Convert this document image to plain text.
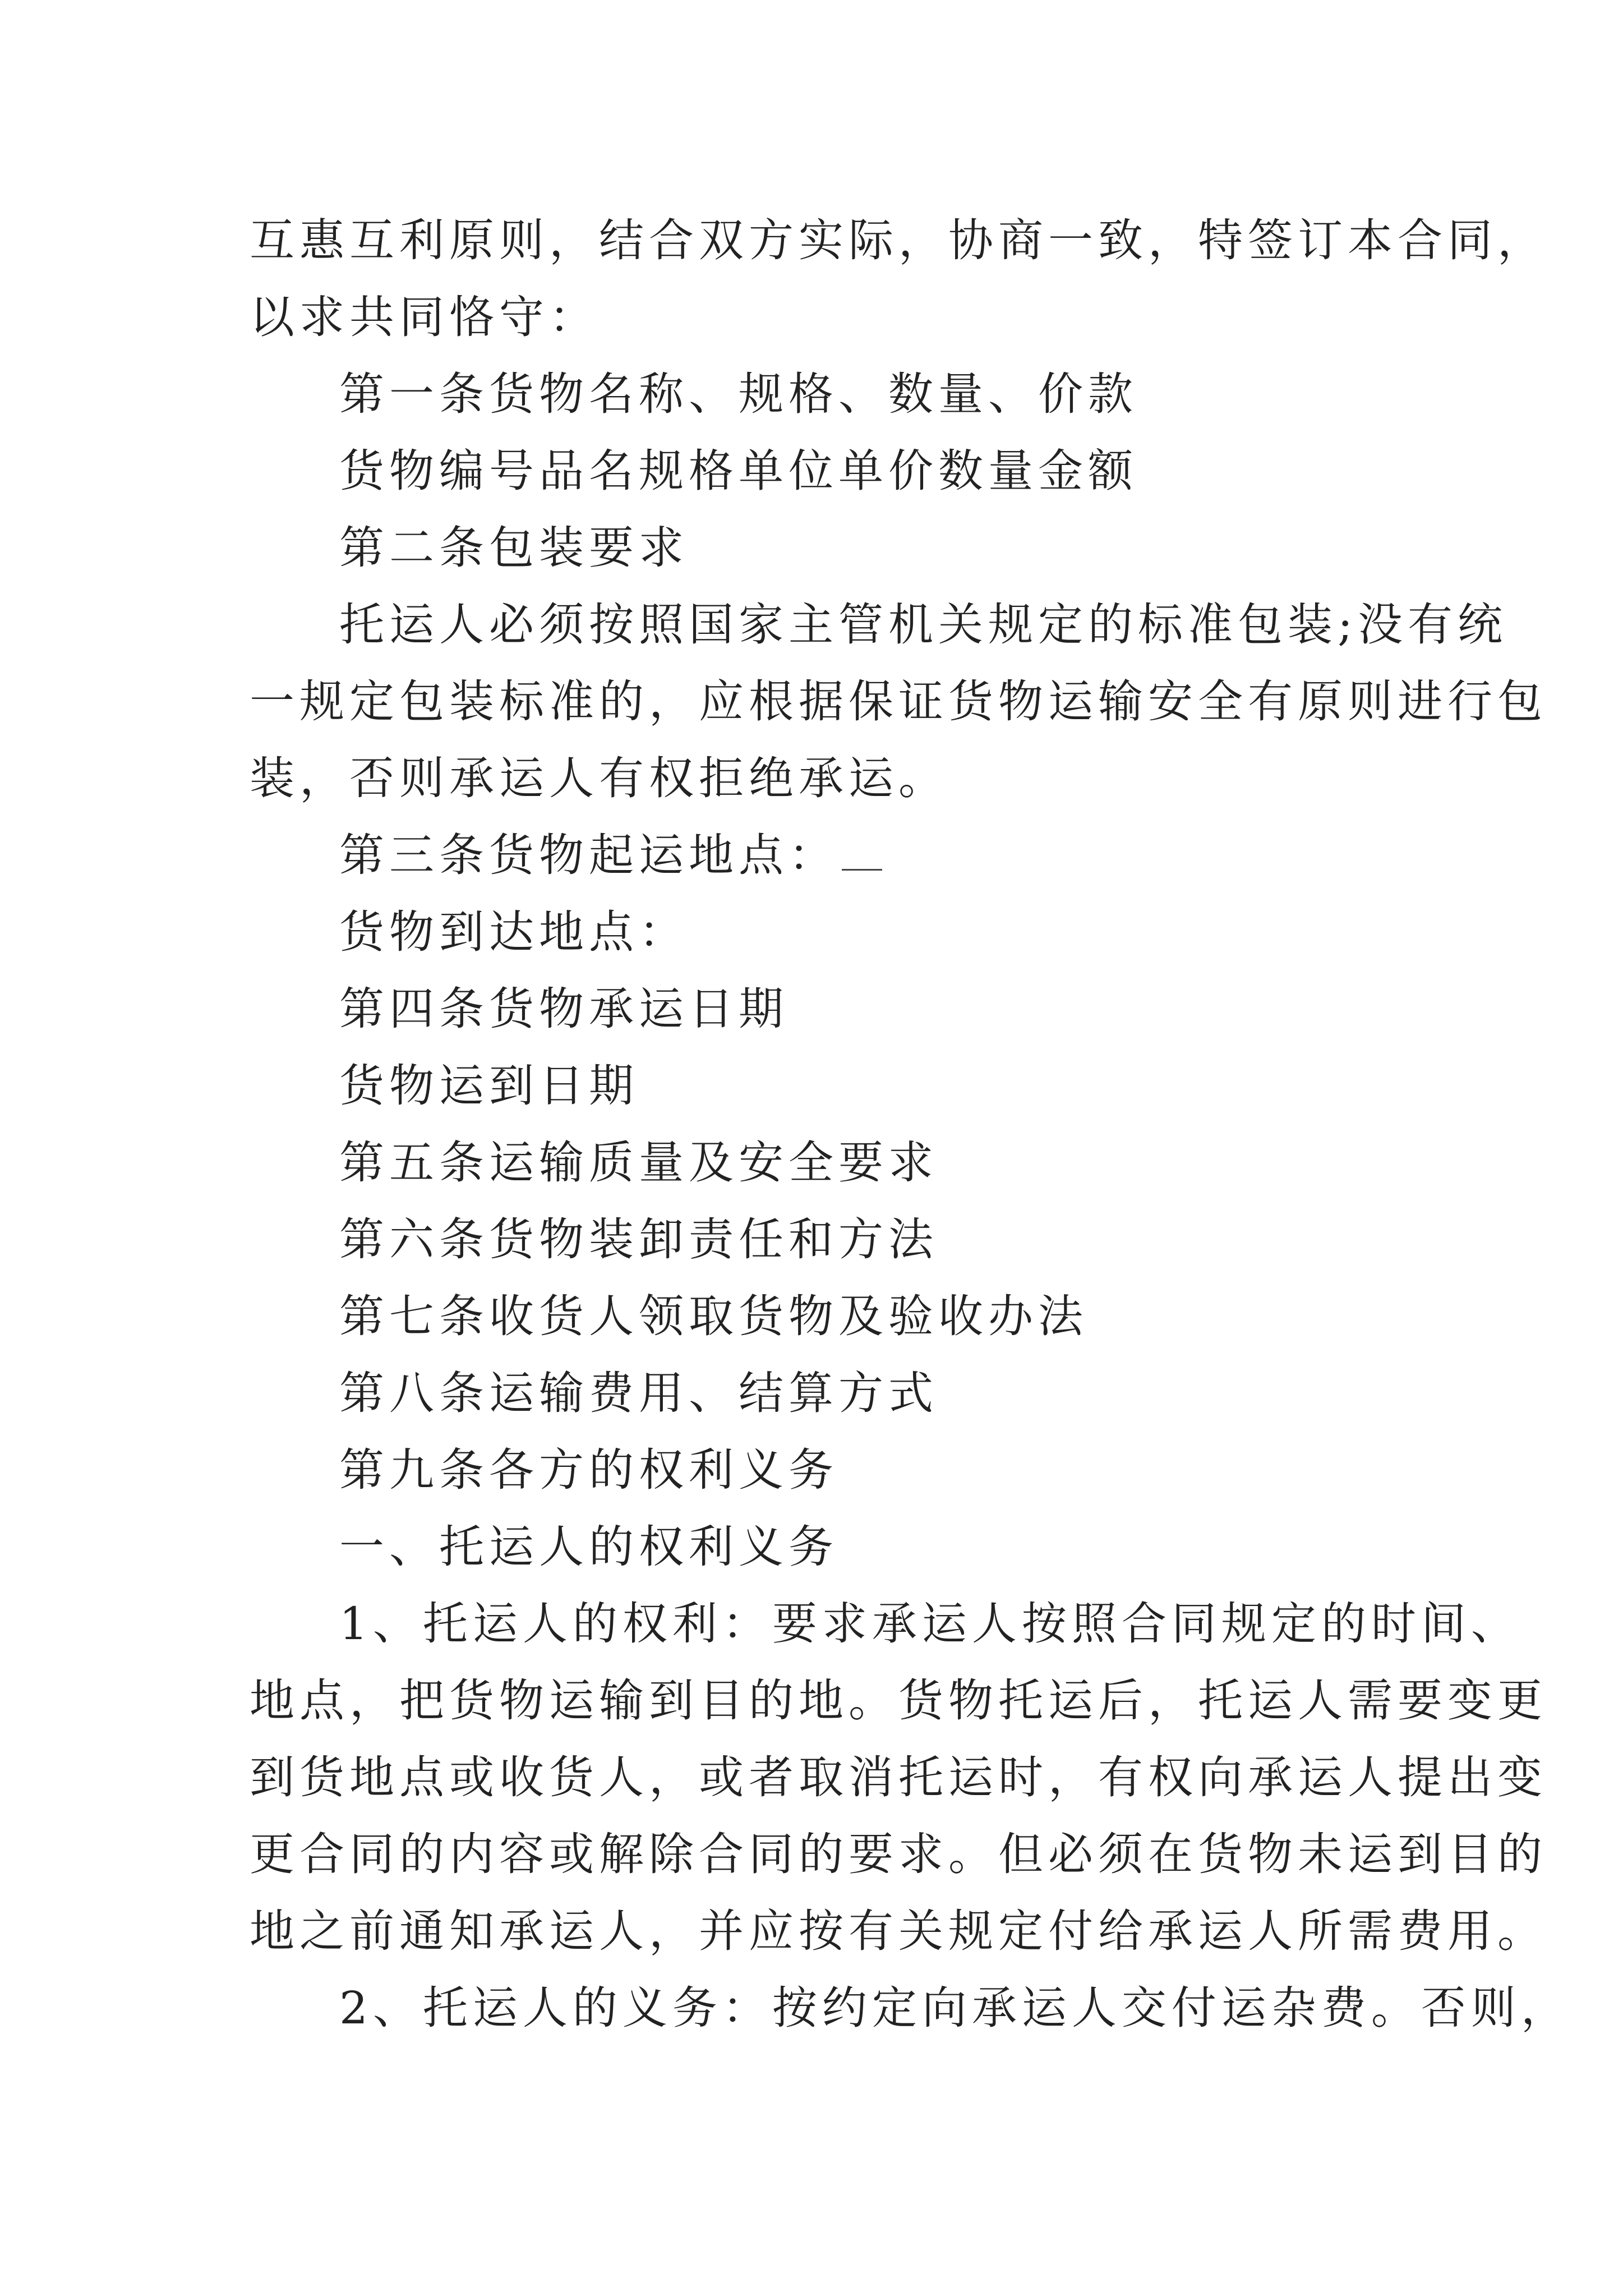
互惠互利原则，结合双方实际，协商一致，特签订本合同，

以求共同恪守：

第一条货物名称、规格、数量、价款

货物编号品名规格单位单价数量金额

第二条包装要求

托运人必须按照国家主管机关规定的标准包装;没有统

一规定包装标准的，应根据保证货物运输安全有原则进行包

装，否则承运人有权拒绝承运。

第三条货物起运地点：

货物到达地点：

第四条货物承运日期

货物运到日期

第五条运输质量及安全要求

第六条货物装卸责任和方法

第七条收货人领取货物及验收办法

第八条运输费用、结算方式

第九条各方的权利义务

一、托运人的权利义务

1、托运人的权利：要求承运人按照合同规定的时间、

地点，把货物运输到目的地。货物托运后，托运人需要变更

到货地点或收货人，或者取消托运时，有权向承运人提出变

更合同的内容或解除合同的要求。但必须在货物未运到目的

地之前通知承运人，并应按有关规定付给承运人所需费用。

2、托运人的义务：按约定向承运人交付运杂费。否则，
